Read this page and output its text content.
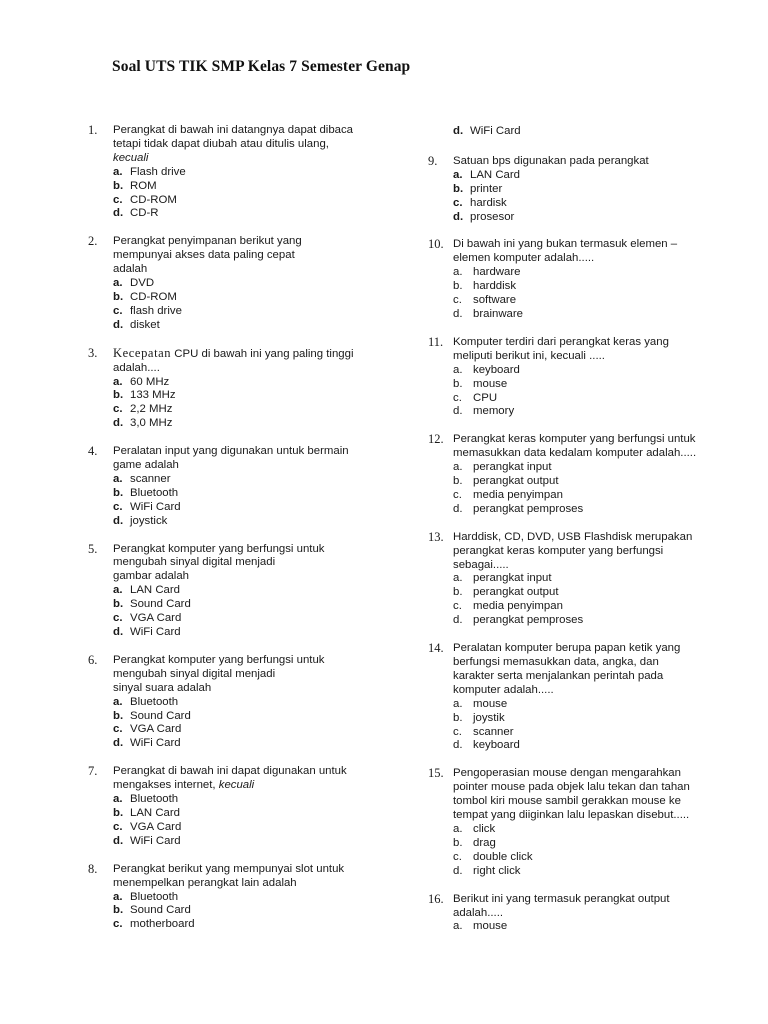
Soal UTS TIK SMP Kelas 7 Semester Genap
1. Perangkat di bawah ini datangnya dapat dibaca
tetapi tidak dapat diubah atau ditulis ulang,
kecuali
a. Flash drive
b. ROM
c. CD-ROM
d. CD-R
2. Perangkat penyimpanan berikut yang
mempunyai akses data paling cepat
adalah
a. DVD
b. CD-ROM
c. flash drive
d. disket
3. Kecepatan CPU di bawah ini yang paling tinggi
adalah....
a. 60 MHz
b. 133 MHz
c. 2,2 MHz
d. 3,0 MHz
4. Peralatan input yang digunakan untuk bermain
game adalah
a. scanner
b. Bluetooth
c. WiFi Card
d. joystick
5. Perangkat komputer yang berfungsi untuk
mengubah sinyal digital menjadi
gambar adalah
a. LAN Card
b. Sound Card
c. VGA Card
d. WiFi Card
6. Perangkat komputer yang berfungsi untuk
mengubah sinyal digital menjadi
sinyal suara adalah
a. Bluetooth
b. Sound Card
c. VGA Card
d. WiFi Card
7. Perangkat di bawah ini dapat digunakan untuk
mengakses internet, kecuali
a. Bluetooth
b. LAN Card
c. VGA Card
d. WiFi Card
8. Perangkat berikut yang mempunyai slot untuk
menempelkan perangkat lain adalah
a. Bluetooth
b. Sound Card
c. motherboard
d. WiFi Card
9. Satuan bps digunakan pada perangkat
a. LAN Card
b. printer
c. hardisk
d. prosesor
10. Di bawah ini yang bukan termasuk elemen –
elemen komputer adalah.....
a. hardware
b. harddisk
c. software
d. brainware
11. Komputer terdiri dari perangkat keras yang
meliputi berikut ini, kecuali .....
a. keyboard
b. mouse
c. CPU
d. memory
12. Perangkat keras komputer yang berfungsi untuk
memasukkan data kedalam komputer adalah.....
a. perangkat input
b. perangkat output
c. media penyimpan
d. perangkat pemproses
13. Harddisk, CD, DVD, USB Flashdisk merupakan
perangkat keras komputer yang berfungsi
sebagai.....
a. perangkat input
b. perangkat output
c. media penyimpan
d. perangkat pemproses
14. Peralatan komputer berupa papan ketik yang
berfungsi memasukkan data, angka, dan
karakter serta menjalankan perintah pada
komputer adalah.....
a. mouse
b. joystik
c. scanner
d. keyboard
15. Pengoperasian mouse dengan mengarahkan
pointer mouse pada objek lalu tekan dan tahan
tombol kiri mouse sambil gerakkan mouse ke
tempat yang diiginkan lalu lepaskan disebut.....
a. click
b. drag
c. double click
d. right click
16. Berikut ini yang termasuk perangkat output
adalah.....
a. mouse
